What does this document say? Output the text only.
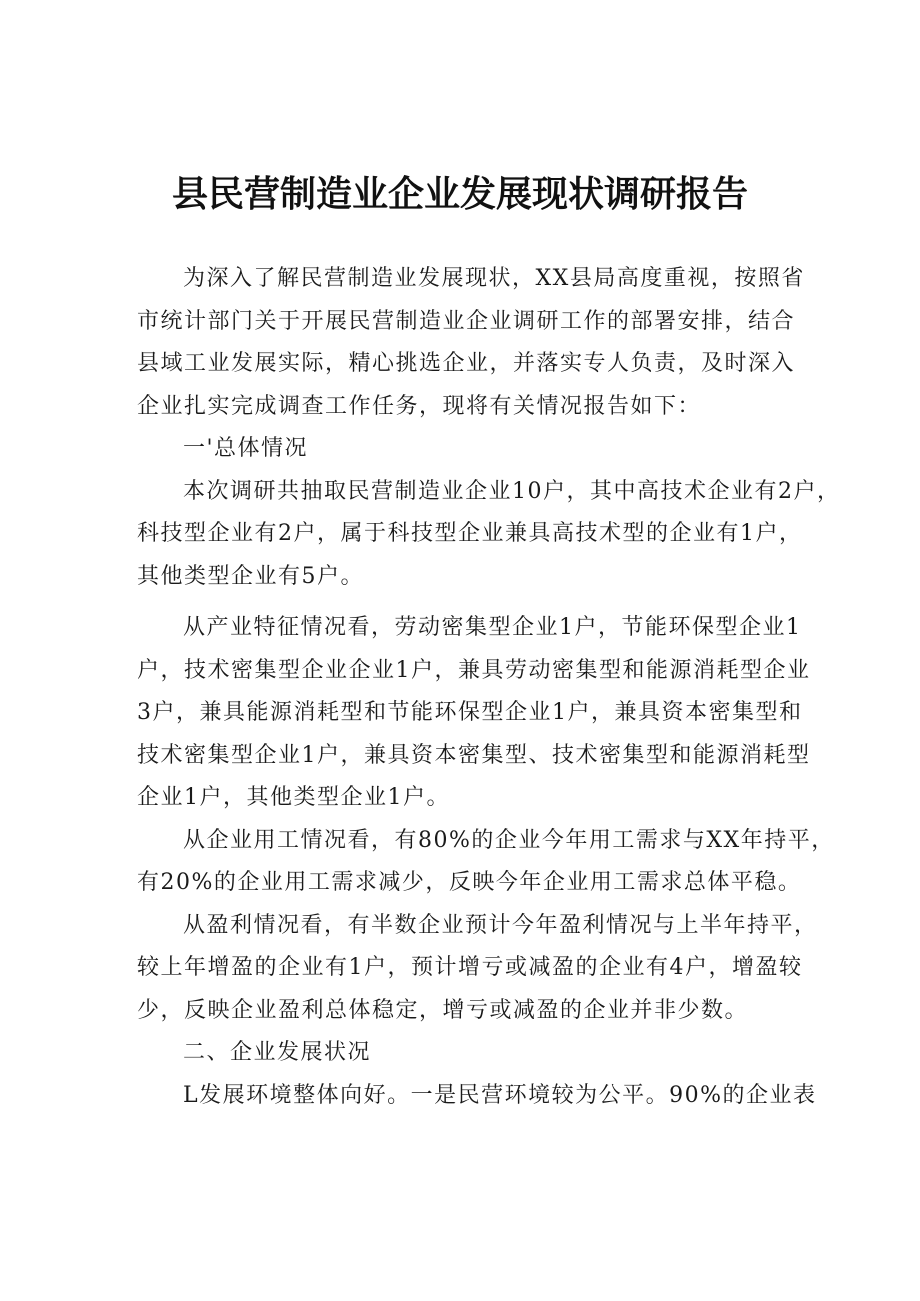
县民营制造业企业发展现状调研报告
为深入了解民营制造业发展现状，XX县局高度重视，按照省
市统计部门关于开展民营制造业企业调研工作的部署安排，结合
县域工业发展实际，精心挑选企业，并落实专人负责，及时深入
企业扎实完成调查工作任务，现将有关情况报告如下：
一'总体情况
本次调研共抽取民营制造业企业10户，其中高技术企业有2户，
科技型企业有2户，属于科技型企业兼具高技术型的企业有1户，
其他类型企业有5户。
从产业特征情况看，劳动密集型企业1户，节能环保型企业1
户，技术密集型企业企业1户，兼具劳动密集型和能源消耗型企业
3户，兼具能源消耗型和节能环保型企业1户，兼具资本密集型和
技术密集型企业1户，兼具资本密集型、技术密集型和能源消耗型
企业1户，其他类型企业1户。
从企业用工情况看，有80%的企业今年用工需求与XX年持平，
有20%的企业用工需求减少，反映今年企业用工需求总体平稳。
从盈利情况看，有半数企业预计今年盈利情况与上半年持平，
较上年增盈的企业有1户，预计增亏或减盈的企业有4户，增盈较
少，反映企业盈利总体稳定，增亏或减盈的企业并非少数。
二、企业发展状况
L发展环境整体向好。一是民营环境较为公平。90%的企业表
